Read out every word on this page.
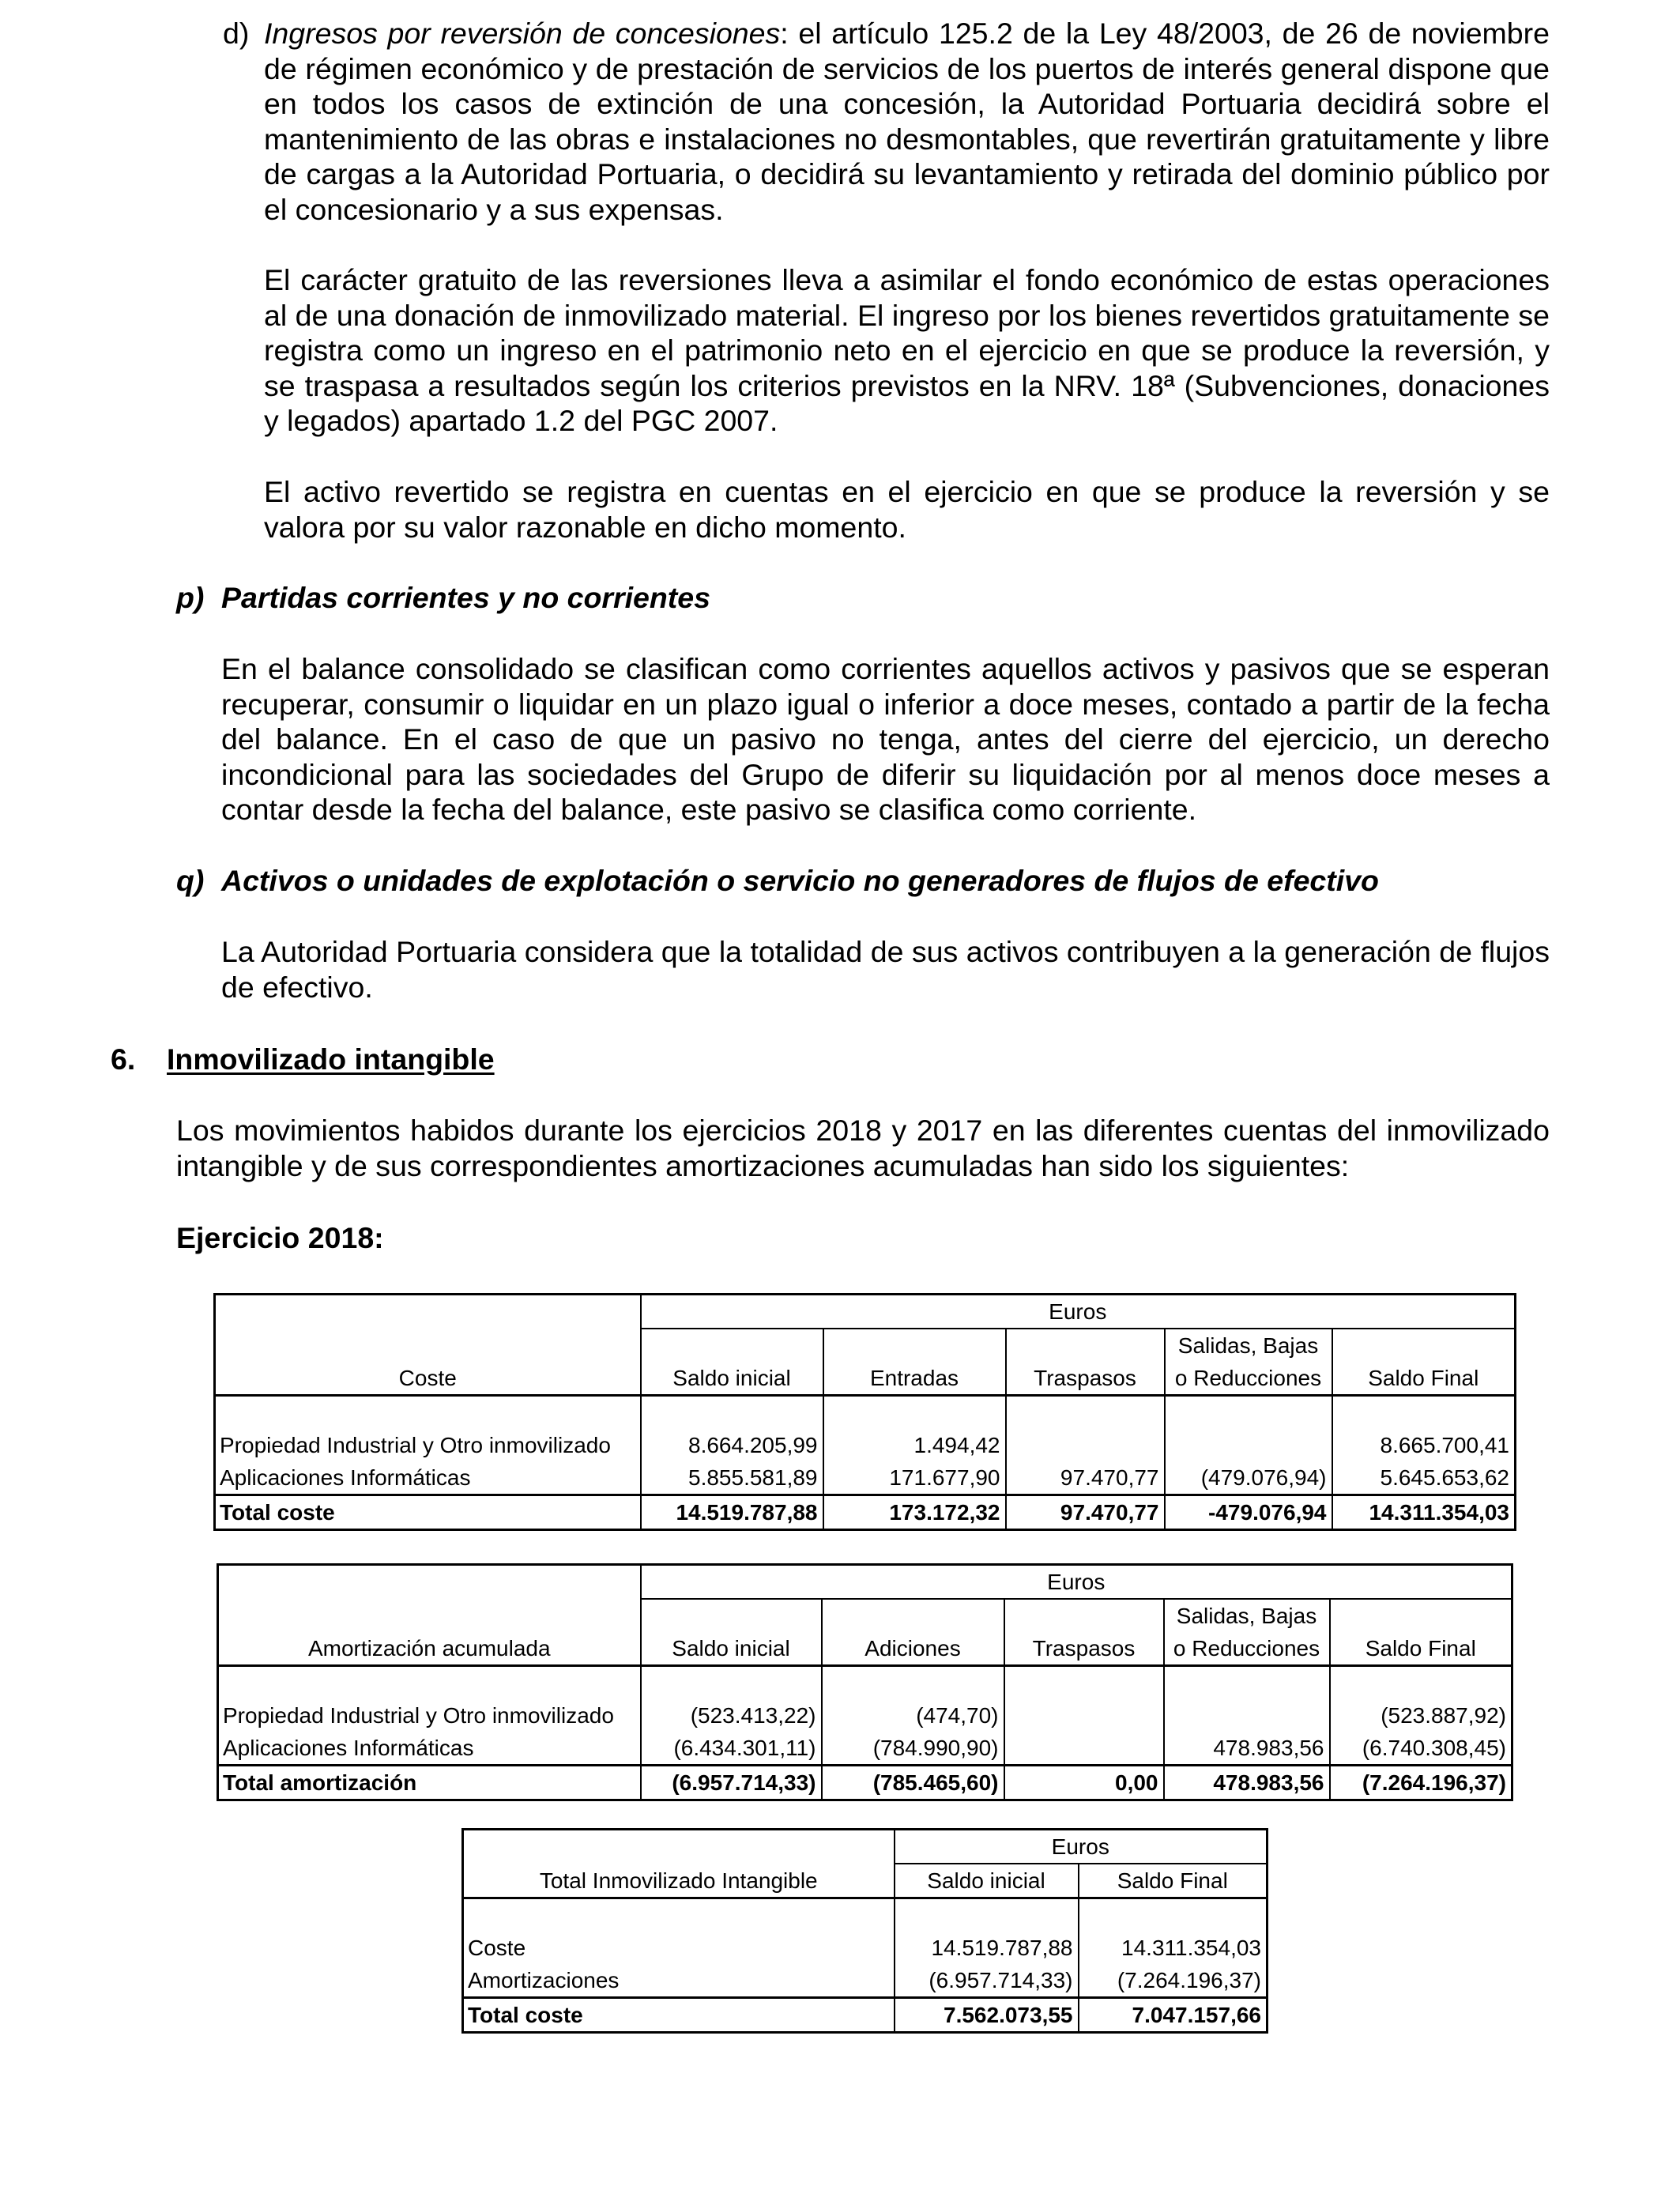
d) Ingresos por reversión de concesiones: el artículo 125.2 de la Ley 48/2003, de 26 de noviembre de régimen económico y de prestación de servicios de los puertos de interés general dispone que en todos los casos de extinción de una concesión, la Autoridad Portuaria decidirá sobre el mantenimiento de las obras e instalaciones no desmontables, que revertirán gratuitamente y libre de cargas a la Autoridad Portuaria, o decidirá su levantamiento y retirada del dominio público por el concesionario y a sus expensas.

El carácter gratuito de las reversiones lleva a asimilar el fondo económico de estas operaciones al de una donación de inmovilizado material. El ingreso por los bienes revertidos gratuitamente se registra como un ingreso en el patrimonio neto en el ejercicio en que se produce la reversión, y se traspasa a resultados según los criterios previstos en la NRV. 18ª (Subvenciones, donaciones y legados) apartado 1.2 del PGC 2007.

El activo revertido se registra en cuentas en el ejercicio en que se produce la reversión y se valora por su valor razonable en dicho momento.

p) Partidas corrientes y no corrientes

En el balance consolidado se clasifican como corrientes aquellos activos y pasivos que se esperan recuperar, consumir o liquidar en un plazo igual o inferior a doce meses, contado a partir de la fecha del balance. En el caso de que un pasivo no tenga, antes del cierre del ejercicio, un derecho incondicional para las sociedades del Grupo de diferir su liquidación por al menos doce meses a contar desde la fecha del balance, este pasivo se clasifica como corriente.

q) Activos o unidades de explotación o servicio no generadores de flujos de efectivo

La Autoridad Portuaria considera que la totalidad de sus activos contribuyen a la generación de flujos de efectivo.

6. Inmovilizado intangible

Los movimientos habidos durante los ejercicios 2018 y 2017 en las diferentes cuentas del inmovilizado intangible y de sus correspondientes amortizaciones acumuladas han sido los siguientes:

Ejercicio 2018:
	Euros				
				Salidas, Bajas	
Coste	Saldo inicial	Entradas	Traspasos	o Reducciones	Saldo Final

Propiedad Industrial y Otro inmovilizado	8.664.205,99	1.494,42			8.665.700,41
Aplicaciones Informáticas	5.855.581,89	171.677,90	97.470,77	(479.076,94)	5.645.653,62
Total coste	14.519.787,88	173.172,32	97.470,77	-479.076,94	14.311.354,03
	Euros				
				Salidas, Bajas	
Amortización acumulada	Saldo inicial	Adiciones	Traspasos	o Reducciones	Saldo Final

Propiedad Industrial y Otro inmovilizado	(523.413,22)	(474,70)			(523.887,92)
Aplicaciones Informáticas	(6.434.301,11)	(784.990,90)		478.983,56	(6.740.308,45)
Total amortización	(6.957.714,33)	(785.465,60)	0,00	478.983,56	(7.264.196,37)
	Euros	
Total Inmovilizado Intangible	Saldo inicial	Saldo Final

Coste	14.519.787,88	14.311.354,03
Amortizaciones	(6.957.714,33)	(7.264.196,37)
Total coste	7.562.073,55	7.047.157,66
